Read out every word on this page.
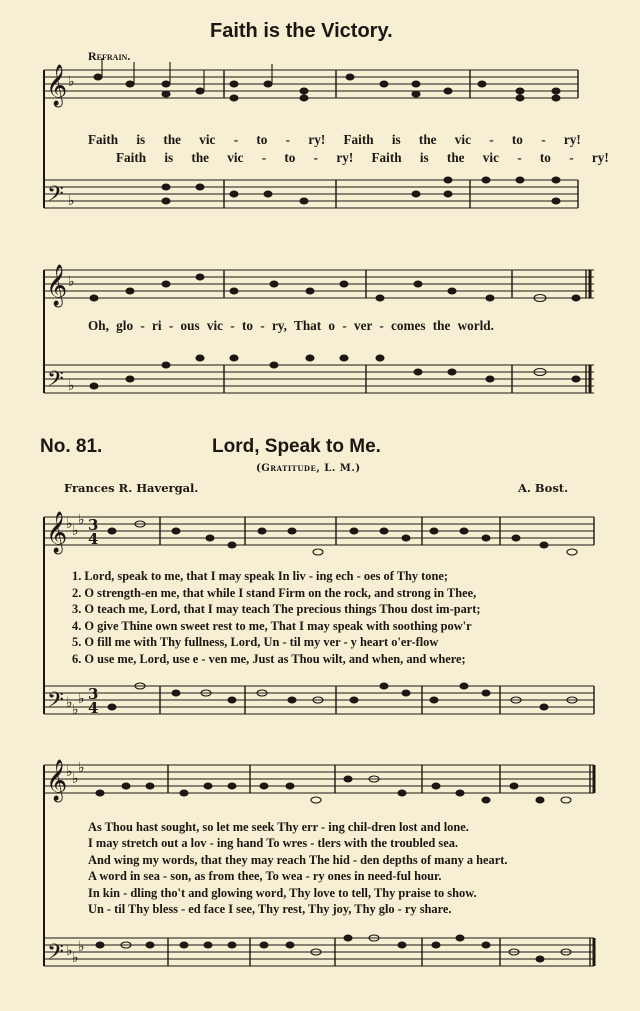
Faith is the Victory.
Refrain.
𝄞
𝄢
𝄞
𝄢
𝄞
𝄢
𝄞
𝄢
♭
♭
♭
♭
♭ ♭
♭
♭ ♭
♭
♭ ♭
♭
♭ ♭
♭
3
4
3
4
Faith is the vic - to - ry! Faith is the vic - to - ry!
Faith is the vic - to - ry! Faith is the vic - to - ry!
Oh, glo - ri - ous vic - to - ry, That o - ver - comes the world.
No. 81.	Lord, Speak to Me.
(Gratitude, L. M.)
Frances R. Havergal.	A. Bost.
1. Lord, speak to me, that I may speak In liv - ing ech - oes of Thy tone;
2. O strength-en me, that while I stand Firm on the rock, and strong in Thee,
3. O teach me, Lord, that I may teach The precious things Thou dost im-part;
4. O give Thine own sweet rest to me, That I may speak with soothing pow'r
5. O fill me with Thy fullness, Lord, Un - til my ver - y heart o'er-flow
6. O use me, Lord, use e - ven me, Just as Thou wilt, and when, and where;
As Thou hast sought, so let me seek Thy err - ing chil-dren lost and lone.
I may stretch out a lov - ing hand To wres - tlers with the troubled sea.
And wing my words, that they may reach The hid - den depths of many a heart.
A word in sea - son, as from thee, To wea - ry ones in need-ful hour.
In kin - dling tho't and glowing word, Thy love to tell, Thy praise to show.
Un - til Thy bless - ed face I see, Thy rest, Thy joy, Thy glo - ry share.
